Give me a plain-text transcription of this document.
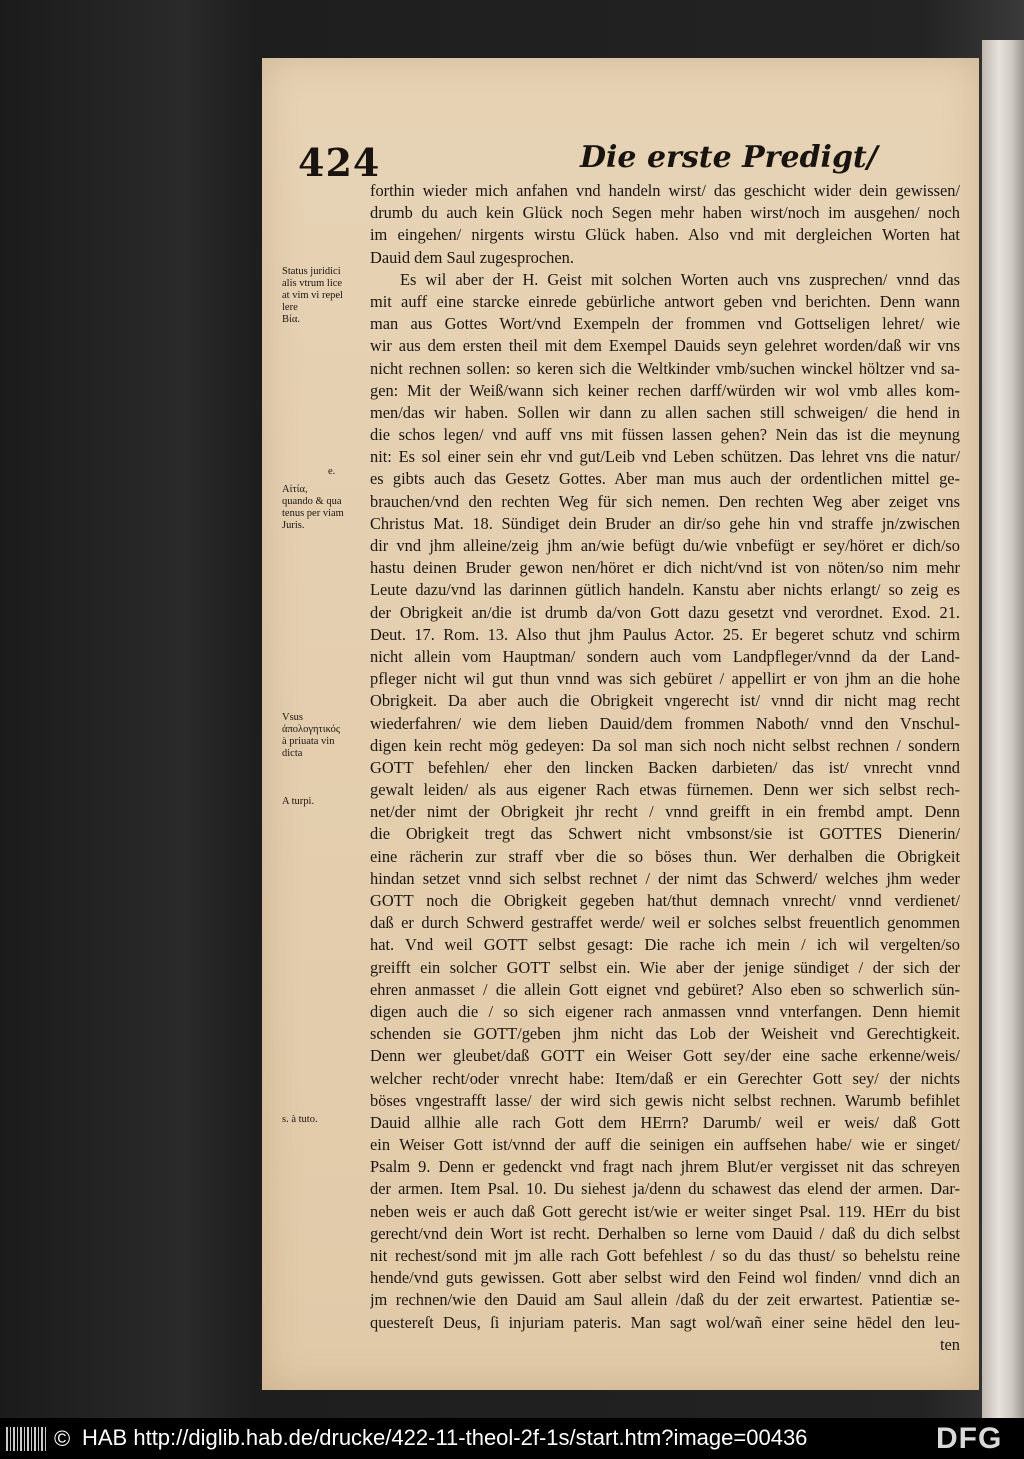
424	Die erste Predigt/
forthin wieder mich anfahen vnd handeln wirst/ das geschicht wider dein gewissen/
drumb du auch kein Glück noch Segen mehr haben wirst/noch im ausgehen/ noch
im eingehen/ nirgents wirstu Glück haben. Also vnd mit dergleichen Worten hat
Dauid dem Saul zugesprochen.
Es wil aber der H. Geist mit solchen Worten auch vns zusprechen/ vnnd das
mit auff eine starcke einrede gebürliche antwort geben vnd berichten. Denn wann
man aus Gottes Wort/vnd Exempeln der frommen vnd Gottseligen lehret/ wie
wir aus dem ersten theil mit dem Exempel Dauids seyn gelehret worden/daß wir vns
nicht rechnen sollen: so keren sich die Weltkinder vmb/suchen winckel höltzer vnd sa-
gen: Mit der Weiß/wann sich keiner rechen darff/würden wir wol vmb alles kom-
men/das wir haben. Sollen wir dann zu allen sachen still schweigen/ die hend in
die schos legen/ vnd auff vns mit füssen lassen gehen? Nein das ist die meynung
nit: Es sol einer sein ehr vnd gut/Leib vnd Leben schützen. Das lehret vns die natur/
es gibts auch das Gesetz Gottes. Aber man mus auch der ordentlichen mittel ge-
brauchen/vnd den rechten Weg für sich nemen. Den rechten Weg aber zeiget vns
Christus Mat. 18. Sündiget dein Bruder an dir/so gehe hin vnd straffe jn/zwischen
dir vnd jhm alleine/zeig jhm an/wie befügt du/wie vnbefügt er sey/höret er dich/so
hastu deinen Bruder gewon nen/höret er dich nicht/vnd ist von nöten/so nim mehr
Leute dazu/vnd las darinnen gütlich handeln. Kanstu aber nichts erlangt/ so zeig es
der Obrigkeit an/die ist drumb da/von Gott dazu gesetzt vnd verordnet. Exod. 21.
Deut. 17. Rom. 13. Also thut jhm Paulus Actor. 25. Er begeret schutz vnd schirm
nicht allein vom Hauptman/ sondern auch vom Landpfleger/vnnd da der Land-
pfleger nicht wil gut thun vnnd was sich gebüret / appellirt er von jhm an die hohe
Obrigkeit. Da aber auch die Obrigkeit vngerecht ist/ vnnd dir nicht mag recht
wiederfahren/ wie dem lieben Dauid/dem frommen Naboth/ vnnd den Vnschul-
digen kein recht mög gedeyen: Da sol man sich noch nicht selbst rechnen / sondern
GOTT befehlen/ eher den lincken Backen darbieten/ das ist/ vnrecht vnnd
gewalt leiden/ als aus eigener Rach etwas fürnemen. Denn wer sich selbst rech-
net/der nimt der Obrigkeit jhr recht / vnnd greifft in ein frembd ampt. Denn
die Obrigkeit tregt das Schwert nicht vmbsonst/sie ist GOTTES Dienerin/
eine rächerin zur straff vber die so böses thun. Wer derhalben die Obrigkeit
hindan setzet vnnd sich selbst rechnet / der nimt das Schwerd/ welches jhm weder
GOTT noch die Obrigkeit gegeben hat/thut demnach vnrecht/ vnnd verdienet/
daß er durch Schwerd gestraffet werde/ weil er solches selbst freuentlich genommen
hat. Vnd weil GOTT selbst gesagt: Die rache ich mein / ich wil vergelten/so
greifft ein solcher GOTT selbst ein. Wie aber der jenige sündiget / der sich der
ehren anmasset / die allein Gott eignet vnd gebüret? Also eben so schwerlich sün-
digen auch die / so sich eigener rach anmassen vnnd vnterfangen. Denn hiemit
schenden sie GOTT/geben jhm nicht das Lob der Weisheit vnd Gerechtigkeit.
Denn wer gleubet/daß GOTT ein Weiser Gott sey/der eine sache erkenne/weis/
welcher recht/oder vnrecht habe: Item/daß er ein Gerechter Gott sey/ der nichts
böses vngestrafft lasse/ der wird sich gewis nicht selbst rechnen. Warumb befihlet
Dauid allhie alle rach Gott dem HErrn? Darumb/ weil er weis/ daß Gott
ein Weiser Gott ist/vnnd der auff die seinigen ein auffsehen habe/ wie er singet/
Psalm 9. Denn er gedenckt vnd fragt nach jhrem Blut/er vergisset nit das schreyen
der armen. Item Psal. 10. Du siehest ja/denn du schawest das elend der armen. Dar-
neben weis er auch daß Gott gerecht ist/wie er weiter singet Psal. 119. HErr du bist
gerecht/vnd dein Wort ist recht. Derhalben so lerne vom Dauid / daß du dich selbst
nit rechest/sond mit jm alle rach Gott befehlest / so du das thust/ so behelstu reine
hende/vnd guts gewissen. Gott aber selbst wird den Feind wol finden/ vnnd dich an
jm rechnen/wie den Dauid am Saul allein /daß du der zeit erwartest. Patientiæ se-
questereſt Deus, ſi injuriam pateris. Man sagt wol/wañ einer seine hēdel den leu-
ten
Status juridici
alis vtrum lice
at vim vi repel
lere
Βία.
e.
Αἰτία,
quando & qua
tenus per viam
Juris.
Vsus
ἀπολογητικός
à priuata vin
dicta
A turpi.
s. à tuto.
© HAB http://diglib.hab.de/drucke/422-11-theol-2f-1s/start.htm?image=00436	DFG
